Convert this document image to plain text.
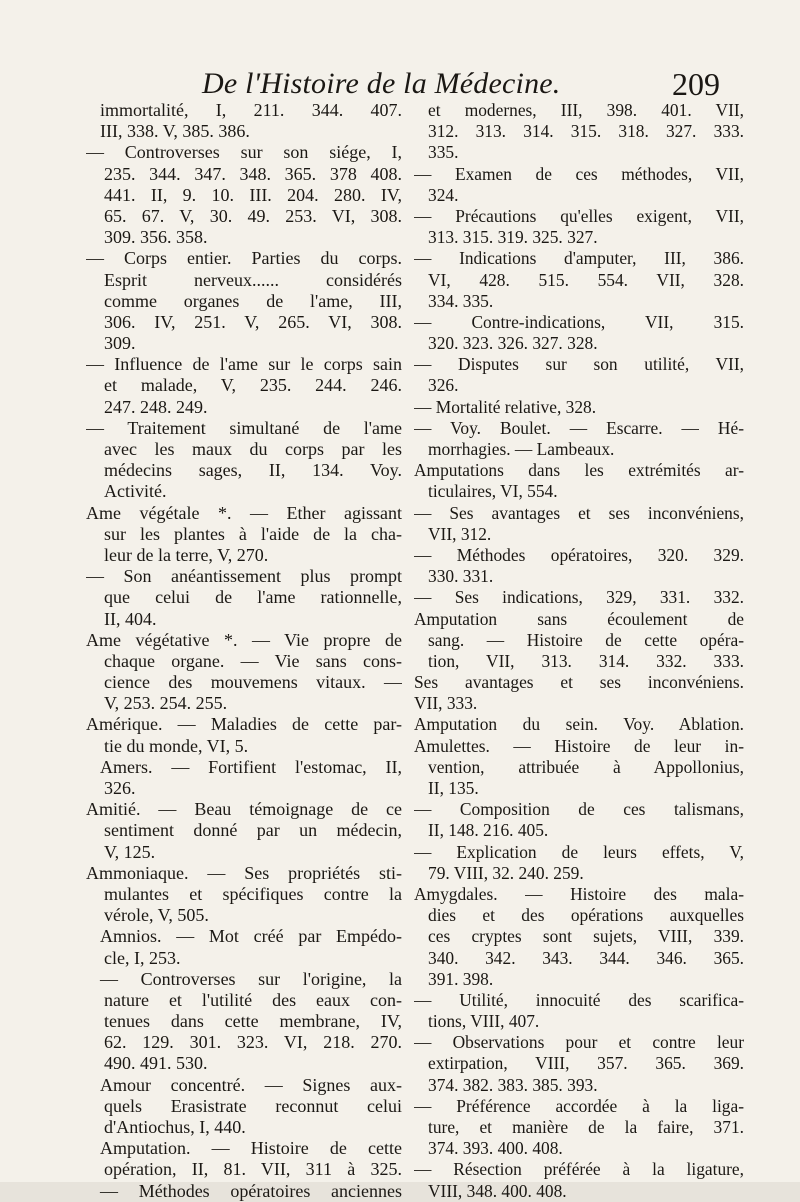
De l'Histoire de la Médecine.	209
immortalité, I, 211. 344. 407.
III, 338. V, 385. 386.
— Controverses sur son siége, I,
235. 344. 347. 348. 365. 378 408.
441. II, 9. 10. III. 204. 280. IV,
65. 67. V, 30. 49. 253. VI, 308.
309. 356. 358.
— Corps entier. Parties du corps.
Esprit nerveux...... considérés
comme organes de l'ame, III,
306. IV, 251. V, 265. VI, 308.
309.
— Influence de l'ame sur le corps sain
et malade, V, 235. 244. 246.
247. 248. 249.
— Traitement simultané de l'ame
avec les maux du corps par les
médecins sages, II, 134. Voy.
Activité.
Ame végétale *. — Ether agissant
sur les plantes à l'aide de la cha-
leur de la terre, V, 270.
— Son anéantissement plus prompt
que celui de l'ame rationnelle,
II, 404.
Ame végétative *. — Vie propre de
chaque organe. — Vie sans cons-
cience des mouvemens vitaux. —
V, 253. 254. 255.
Amérique. — Maladies de cette par-
tie du monde, VI, 5.
Amers. — Fortifient l'estomac, II,
326.
Amitié. — Beau témoignage de ce
sentiment donné par un médecin,
V, 125.
Ammoniaque. — Ses propriétés sti-
mulantes et spécifiques contre la
vérole, V, 505.
Amnios. — Mot créé par Empédo-
cle, I, 253.
— Controverses sur l'origine, la
nature et l'utilité des eaux con-
tenues dans cette membrane, IV,
62. 129. 301. 323. VI, 218. 270.
490. 491. 530.
Amour concentré. — Signes aux-
quels Erasistrate reconnut celui
d'Antiochus, I, 440.
Amputation. — Histoire de cette
opération, II, 81. VII, 311 à 325.
— Méthodes opératoires anciennes
et modernes, III, 398. 401. VII,
312. 313. 314. 315. 318. 327. 333.
335.
— Examen de ces méthodes, VII,
324.
— Précautions qu'elles exigent, VII,
313. 315. 319. 325. 327.
— Indications d'amputer, III, 386.
VI, 428. 515. 554. VII, 328.
334. 335.
— Contre-indications, VII, 315.
320. 323. 326. 327. 328.
— Disputes sur son utilité, VII,
326.
— Mortalité relative, 328.
— Voy. Boulet. — Escarre. — Hé-
morrhagies. — Lambeaux.
Amputations dans les extrémités ar-
ticulaires, VI, 554.
— Ses avantages et ses inconvéniens,
VII, 312.
— Méthodes opératoires, 320. 329.
330. 331.
— Ses indications, 329, 331. 332.
Amputation sans écoulement de
sang. — Histoire de cette opéra-
tion, VII, 313. 314. 332. 333.
Ses avantages et ses inconvéniens.
VII, 333.
Amputation du sein. Voy. Ablation.
Amulettes. — Histoire de leur in-
vention, attribuée à Appollonius,
II, 135.
— Composition de ces talismans,
II, 148. 216. 405.
— Explication de leurs effets, V,
79. VIII, 32. 240. 259.
Amygdales. — Histoire des mala-
dies et des opérations auxquelles
ces cryptes sont sujets, VIII, 339.
340. 342. 343. 344. 346. 365.
391. 398.
— Utilité, innocuité des scarifica-
tions, VIII, 407.
— Observations pour et contre leur
extirpation, VIII, 357. 365. 369.
374. 382. 383. 385. 393.
— Préférence accordée à la liga-
ture, et manière de la faire, 371.
374. 393. 400. 408.
— Résection préférée à la ligature,
VIII, 348. 400. 408.
